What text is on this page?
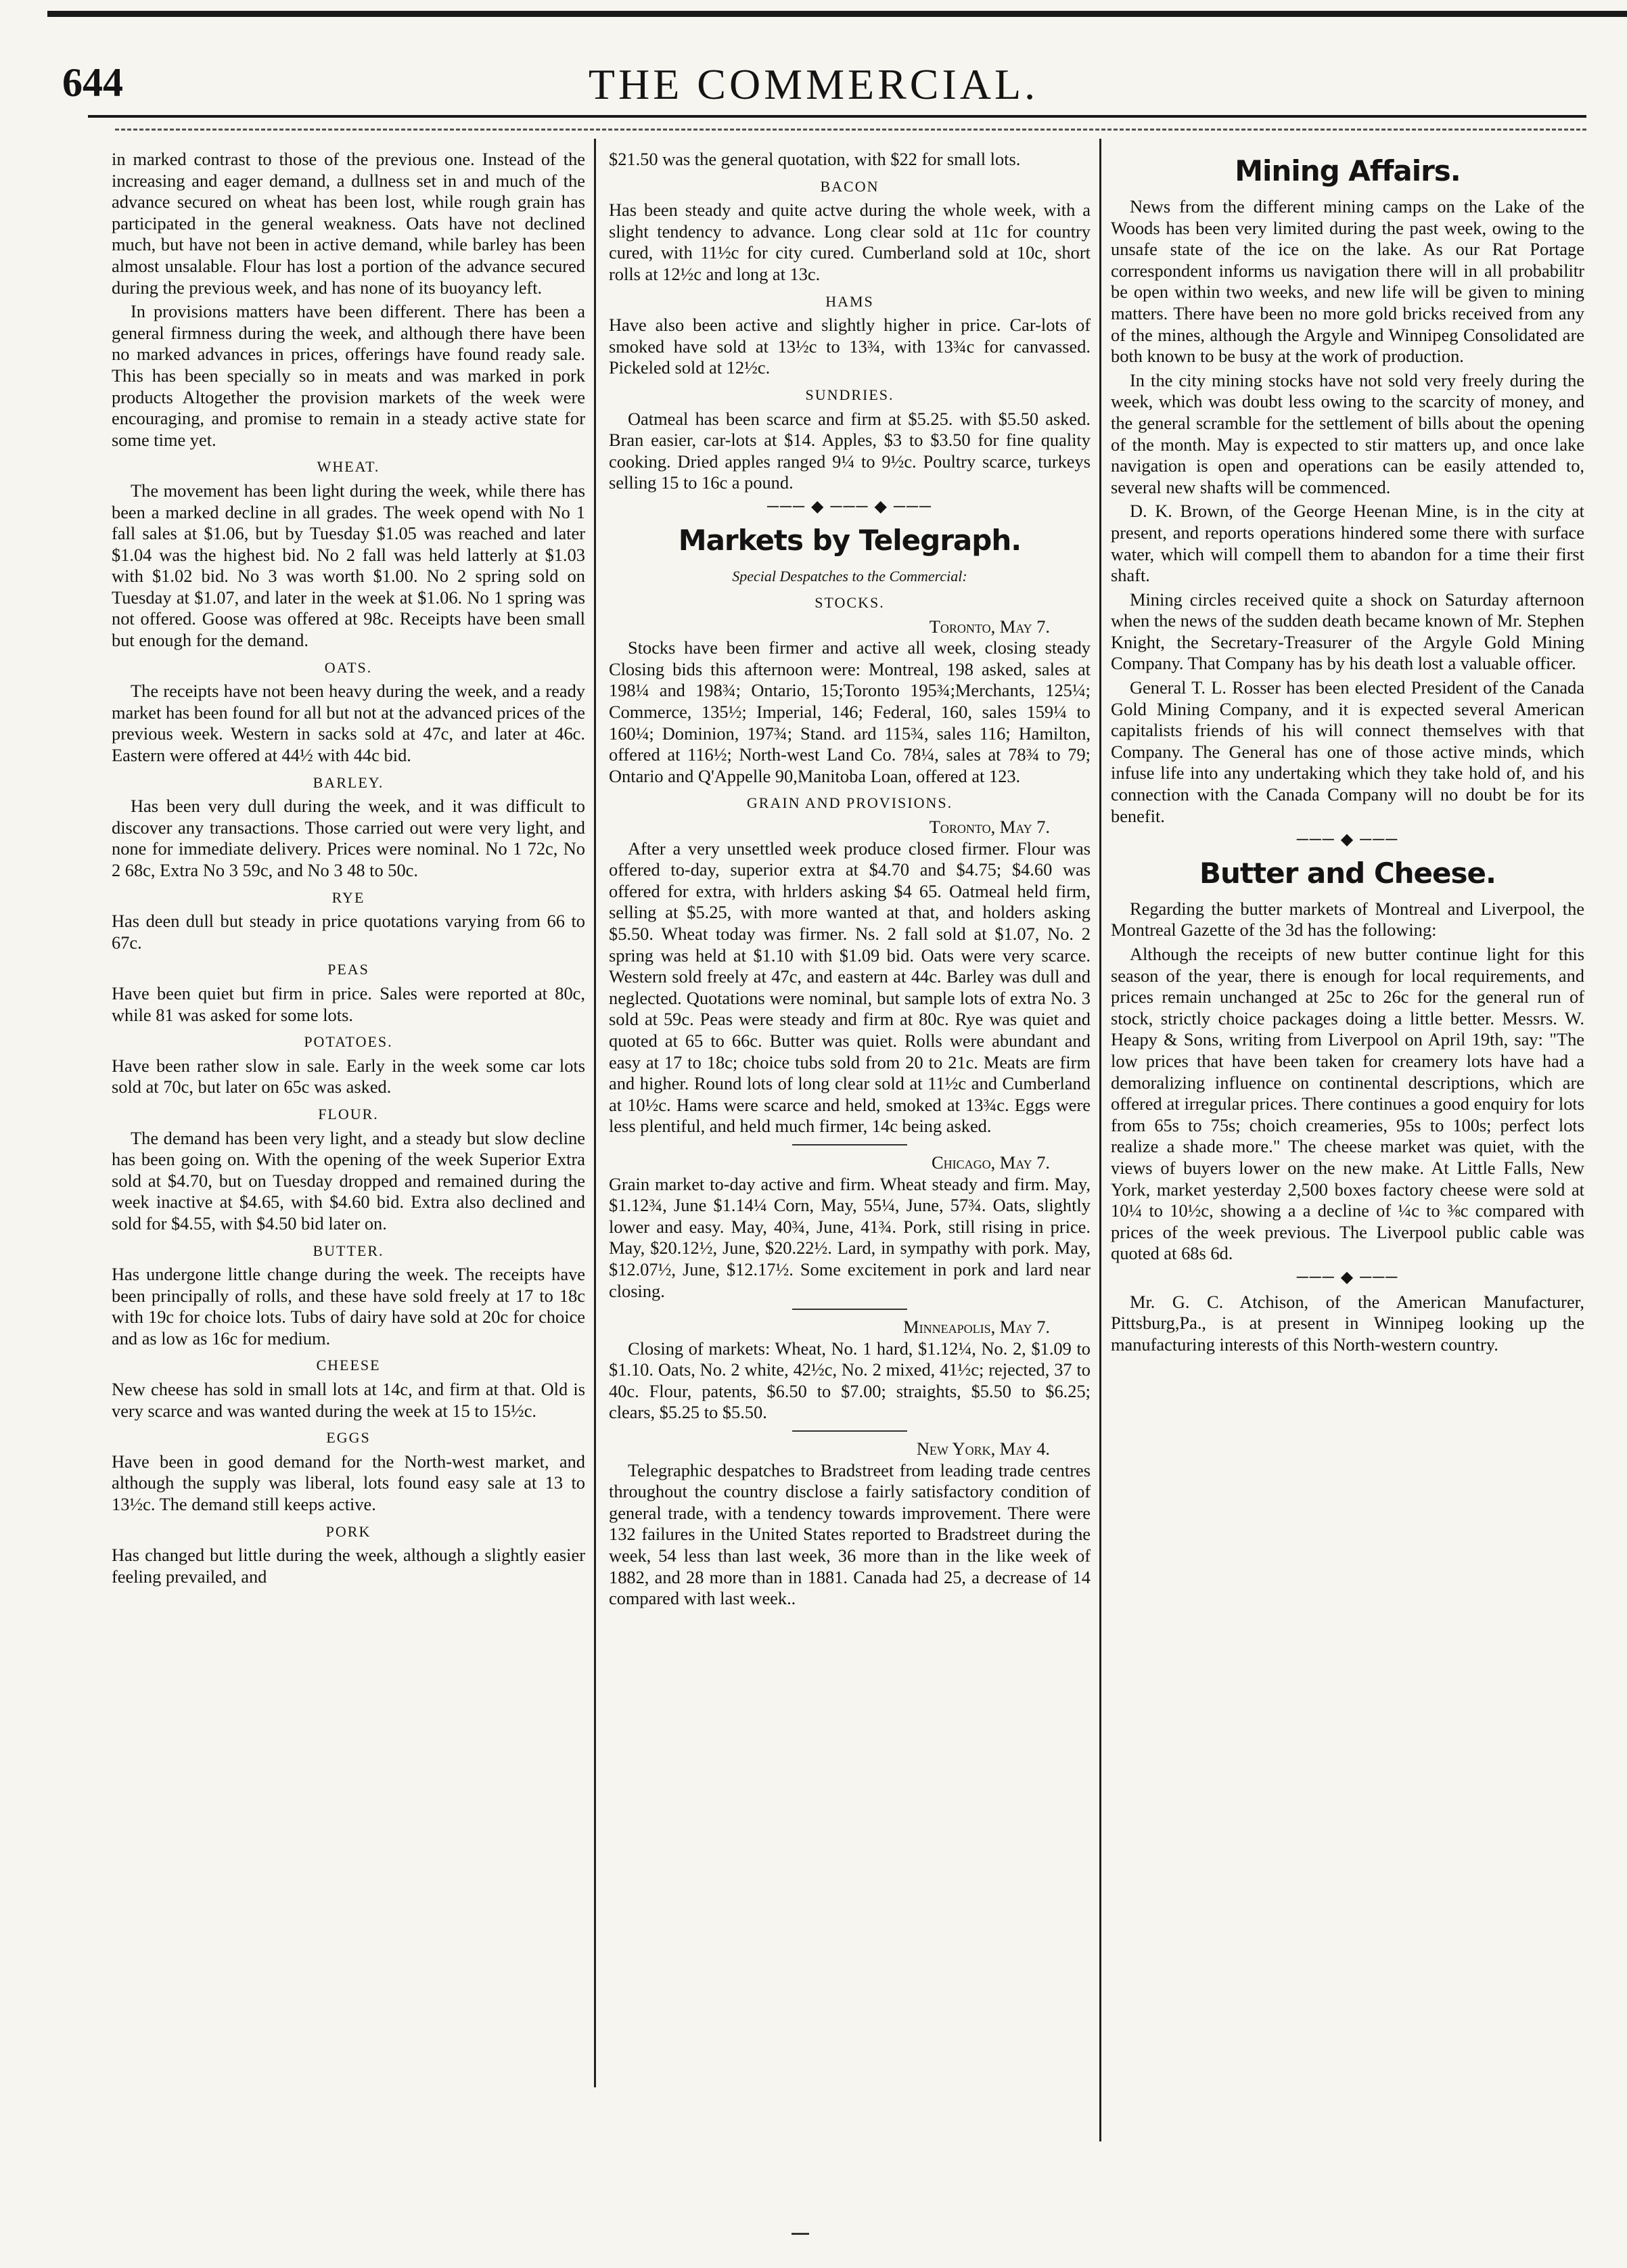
644	THE COMMERCIAL.

in marked contrast to those of the previous one. Instead of the increasing and eager demand, a dullness set in and much of the advance secured on wheat has been lost, while rough grain has participated in the general weakness. Oats have not declined much, but have not been in active demand, while barley has been almost unsalable. Flour has lost a portion of the advance secured during the previous week, and has none of its buoyancy left.

In provisions matters have been different. There has been a general firmness during the week, and although there have been no marked advances in prices, offerings have found ready sale. This has been specially so in meats and was marked in pork products Altogether the provision markets of the week were encouraging, and promise to remain in a steady active state for some time yet.

WHEAT.

The movement has been light during the week, while there has been a marked decline in all grades. The week opend with No 1 fall sales at $1.06, but by Tuesday $1.05 was reached and later $1.04 was the highest bid. No 2 fall was held latterly at $1.03 with $1.02 bid. No 3 was worth $1.00. No 2 spring sold on Tuesday at $1.07, and later in the week at $1.06. No 1 spring was not offered. Goose was offered at 98c. Receipts have been small but enough for the demand.

OATS.

The receipts have not been heavy during the week, and a ready market has been found for all but not at the advanced prices of the previous week. Western in sacks sold at 47c, and later at 46c. Eastern were offered at 44½ with 44c bid.

BARLEY.

Has been very dull during the week, and it was difficult to discover any transactions. Those carried out were very light, and none for immediate delivery. Prices were nominal. No 1 72c, No 2 68c, Extra No 3 59c, and No 3 48 to 50c.

RYE

Has deen dull but steady in price quotations varying from 66 to 67c.

PEAS

Have been quiet but firm in price. Sales were reported at 80c, while 81 was asked for some lots.

POTATOES.

Have been rather slow in sale. Early in the week some car lots sold at 70c, but later on 65c was asked.

FLOUR.

The demand has been very light, and a steady but slow decline has been going on. With the opening of the week Superior Extra sold at $4.70, but on Tuesday dropped and remained during the week inactive at $4.65, with $4.60 bid. Extra also declined and sold for $4.55, with $4.50 bid later on.

BUTTER.

Has undergone little change during the week. The receipts have been principally of rolls, and these have sold freely at 17 to 18c with 19c for choice lots. Tubs of dairy have sold at 20c for choice and as low as 16c for medium.

CHEESE

New cheese has sold in small lots at 14c, and firm at that. Old is very scarce and was wanted during the week at 15 to 15½c.

EGGS

Have been in good demand for the North-west market, and although the supply was liberal, lots found easy sale at 13 to 13½c. The demand still keeps active.

PORK

Has changed but little during the week, although a slightly easier feeling prevailed, and

$21.50 was the general quotation, with $22 for small lots.

BACON

Has been steady and quite actve during the whole week, with a slight tendency to advance. Long clear sold at 11c for country cured, with 11½c for city cured. Cumberland sold at 10c, short rolls at 12½c and long at 13c.

HAMS

Have also been active and slightly higher in price. Car-lots of smoked have sold at 13½c to 13¾, with 13¾c for canvassed. Pickeled sold at 12½c.

SUNDRIES.

Oatmeal has been scarce and firm at $5.25. with $5.50 asked. Bran easier, car-lots at $14. Apples, $3 to $3.50 for fine quality cooking. Dried apples ranged 9¼ to 9½c. Poultry scarce, turkeys selling 15 to 16c a pound.

─── ◆ ─── ◆ ───
Markets by Telegraph.
Special Despatches to the Commercial:
STOCKS.
Toronto, May 7.

Stocks have been firmer and active all week, closing steady Closing bids this afternoon were: Montreal, 198 asked, sales at 198¼ and 198¾; Ontario, 15;Toronto 195¾;Merchants, 125¼; Commerce, 135½; Imperial, 146; Federal, 160, sales 159¼ to 160¼; Dominion, 197¾; Stand. ard 115¾, sales 116; Hamilton, offered at 116½; North-west Land Co. 78¼, sales at 78¾ to 79; Ontario and Q'Appelle 90,Manitoba Loan, offered at 123.

GRAIN AND PROVISIONS.
Toronto, May 7.

After a very unsettled week produce closed firmer. Flour was offered to-day, superior extra at $4.70 and $4.75; $4.60 was offered for extra, with hrlders asking $4 65. Oatmeal held firm, selling at $5.25, with more wanted at that, and holders asking $5.50. Wheat today was firmer. Ns. 2 fall sold at $1.07, No. 2 spring was held at $1.10 with $1.09 bid. Oats were very scarce. Western sold freely at 47c, and eastern at 44c. Barley was dull and neglected. Quotations were nominal, but sample lots of extra No. 3 sold at 59c. Peas were steady and firm at 80c. Rye was quiet and quoted at 65 to 66c. Butter was quiet. Rolls were abundant and easy at 17 to 18c; choice tubs sold from 20 to 21c. Meats are firm and higher. Round lots of long clear sold at 11½c and Cumberland at 10½c. Hams were scarce and held, smoked at 13¾c. Eggs were less plentiful, and held much firmer, 14c being asked.

Chicago, May 7.

Grain market to-day active and firm. Wheat steady and firm. May, $1.12¾, June $1.14¼ Corn, May, 55¼, June, 57¾. Oats, slightly lower and easy. May, 40¾, June, 41¾. Pork, still rising in price. May, $20.12½, June, $20.22½. Lard, in sympathy with pork. May, $12.07½, June, $12.17½. Some excitement in pork and lard near closing.

Minneapolis, May 7.

Closing of markets: Wheat, No. 1 hard, $1.12¼, No. 2, $1.09 to $1.10. Oats, No. 2 white, 42½c, No. 2 mixed, 41½c; rejected, 37 to 40c. Flour, patents, $6.50 to $7.00; straights, $5.50 to $6.25; clears, $5.25 to $5.50.

New York, May 4.

Telegraphic despatches to Bradstreet from leading trade centres throughout the country disclose a fairly satisfactory condition of general trade, with a tendency towards improvement. There were 132 failures in the United States reported to Bradstreet during the week, 54 less than last week, 36 more than in the like week of 1882, and 28 more than in 1881. Canada had 25, a decrease of 14 compared with last week..

Mining Affairs.

News from the different mining camps on the Lake of the Woods has been very limited during the past week, owing to the unsafe state of the ice on the lake. As our Rat Portage correspondent informs us navigation there will in all probabilitr be open within two weeks, and new life will be given to mining matters. There have been no more gold bricks received from any of the mines, although the Argyle and Winnipeg Consolidated are both known to be busy at the work of production.

In the city mining stocks have not sold very freely during the week, which was doubt less owing to the scarcity of money, and the general scramble for the settlement of bills about the opening of the month. May is expected to stir matters up, and once lake navigation is open and operations can be easily attended to, several new shafts will be commenced.

D. K. Brown, of the George Heenan Mine, is in the city at present, and reports operations hindered some there with surface water, which will compell them to abandon for a time their first shaft.

Mining circles received quite a shock on Saturday afternoon when the news of the sudden death became known of Mr. Stephen Knight, the Secretary-Treasurer of the Argyle Gold Mining Company. That Company has by his death lost a valuable officer.

General T. L. Rosser has been elected President of the Canada Gold Mining Company, and it is expected several American capitalists friends of his will connect themselves with that Company. The General has one of those active minds, which infuse life into any undertaking which they take hold of, and his connection with the Canada Company will no doubt be for its benefit.

─── ◆ ───
Butter and Cheese.

Regarding the butter markets of Montreal and Liverpool, the Montreal Gazette of the 3d has the following:

Although the receipts of new butter continue light for this season of the year, there is enough for local requirements, and prices remain unchanged at 25c to 26c for the general run of stock, strictly choice packages doing a little better. Messrs. W. Heapy & Sons, writing from Liverpool on April 19th, say: "The low prices that have been taken for creamery lots have had a demoralizing influence on continental descriptions, which are offered at irregular prices. There continues a good enquiry for lots from 65s to 75s; choich creameries, 95s to 100s; perfect lots realize a shade more." The cheese market was quiet, with the views of buyers lower on the new make. At Little Falls, New York, market yesterday 2,500 boxes factory cheese were sold at 10¼ to 10½c, showing a a decline of ¼c to ⅜c compared with prices of the week previous. The Liverpool public cable was quoted at 68s 6d.

─── ◆ ───

Mr. G. C. Atchison, of the American Manufacturer, Pittsburg,Pa., is at present in Winnipeg looking up the manufacturing interests of this North-western country.
